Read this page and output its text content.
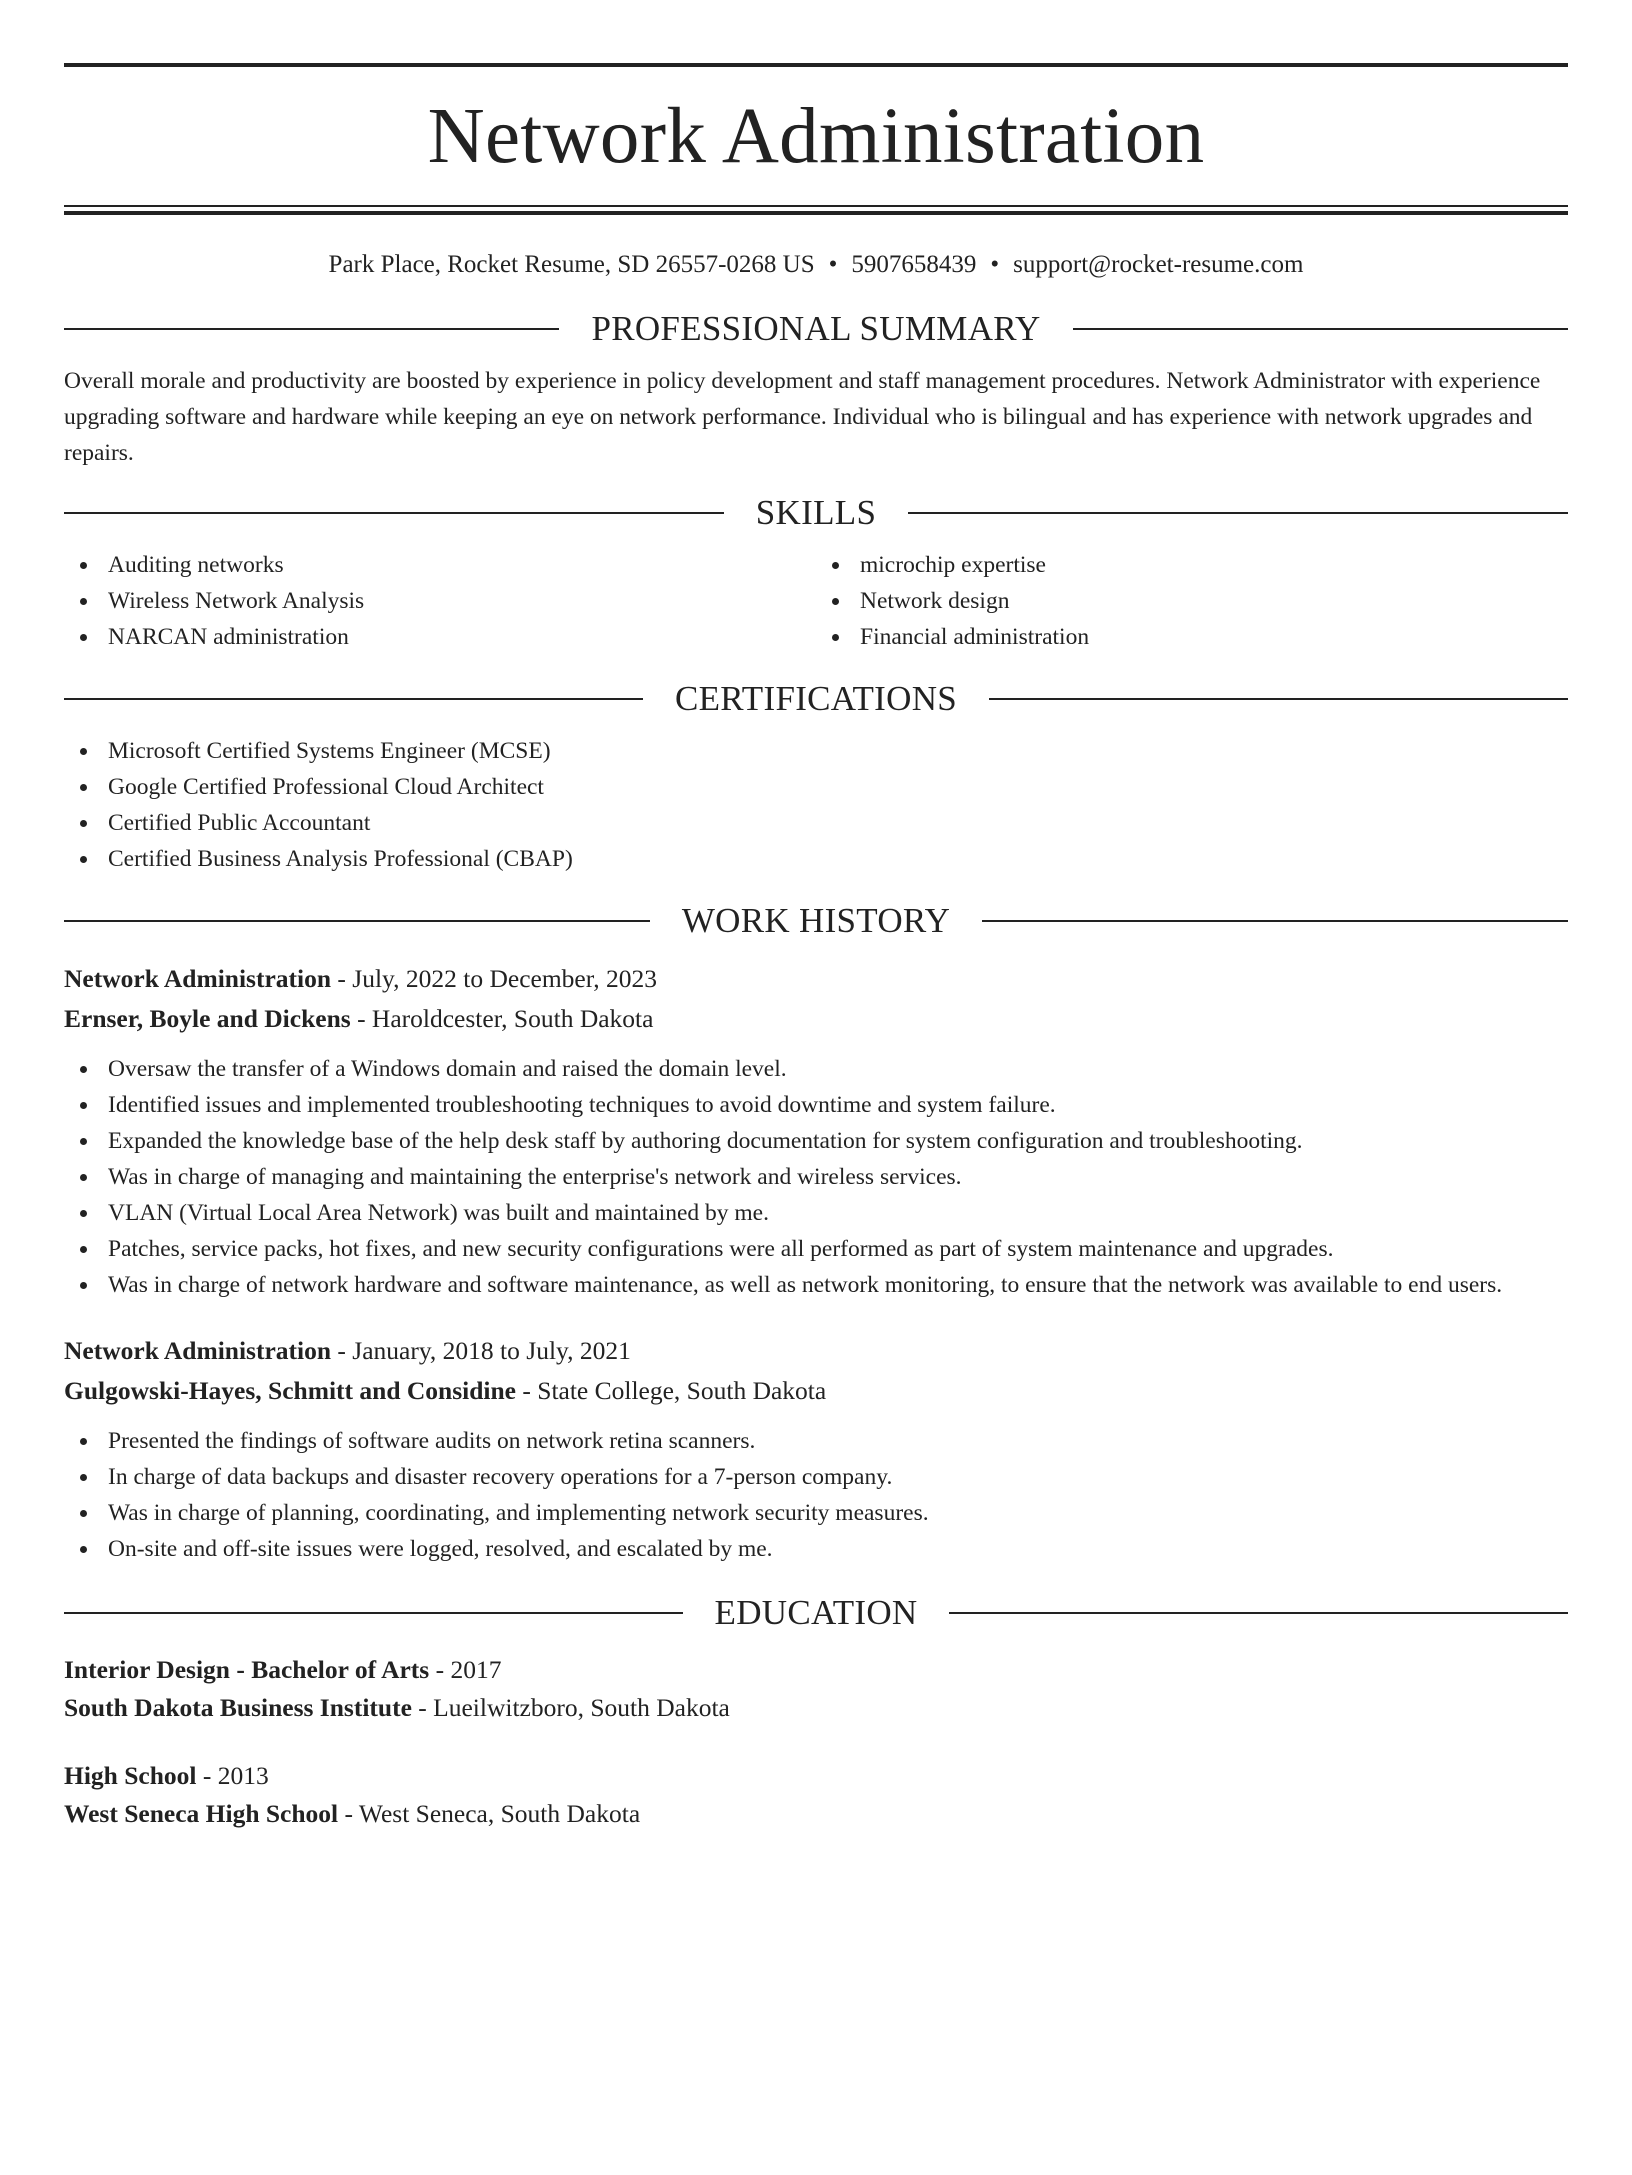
Network Administration
Park Place, Rocket Resume, SD 26557-0268 US • 5907658439 • support@rocket-resume.com
PROFESSIONAL SUMMARY
Overall morale and productivity are boosted by experience in policy development and staff management procedures. Network Administrator with experience upgrading software and hardware while keeping an eye on network performance. Individual who is bilingual and has experience with network upgrades and repairs.
SKILLS
Auditing networks
Wireless Network Analysis
NARCAN administration
microchip expertise
Network design
Financial administration
CERTIFICATIONS
Microsoft Certified Systems Engineer (MCSE)
Google Certified Professional Cloud Architect
Certified Public Accountant
Certified Business Analysis Professional (CBAP)
WORK HISTORY
Network Administration - July, 2022 to December, 2023
Ernser, Boyle and Dickens - Haroldcester, South Dakota
Oversaw the transfer of a Windows domain and raised the domain level.
Identified issues and implemented troubleshooting techniques to avoid downtime and system failure.
Expanded the knowledge base of the help desk staff by authoring documentation for system configuration and troubleshooting.
Was in charge of managing and maintaining the enterprise's network and wireless services.
VLAN (Virtual Local Area Network) was built and maintained by me.
Patches, service packs, hot fixes, and new security configurations were all performed as part of system maintenance and upgrades.
Was in charge of network hardware and software maintenance, as well as network monitoring, to ensure that the network was available to end users.
Network Administration - January, 2018 to July, 2021
Gulgowski-Hayes, Schmitt and Considine - State College, South Dakota
Presented the findings of software audits on network retina scanners.
In charge of data backups and disaster recovery operations for a 7-person company.
Was in charge of planning, coordinating, and implementing network security measures.
On-site and off-site issues were logged, resolved, and escalated by me.
EDUCATION
Interior Design - Bachelor of Arts - 2017
South Dakota Business Institute - Lueilwitzboro, South Dakota
High School - 2013
West Seneca High School - West Seneca, South Dakota
